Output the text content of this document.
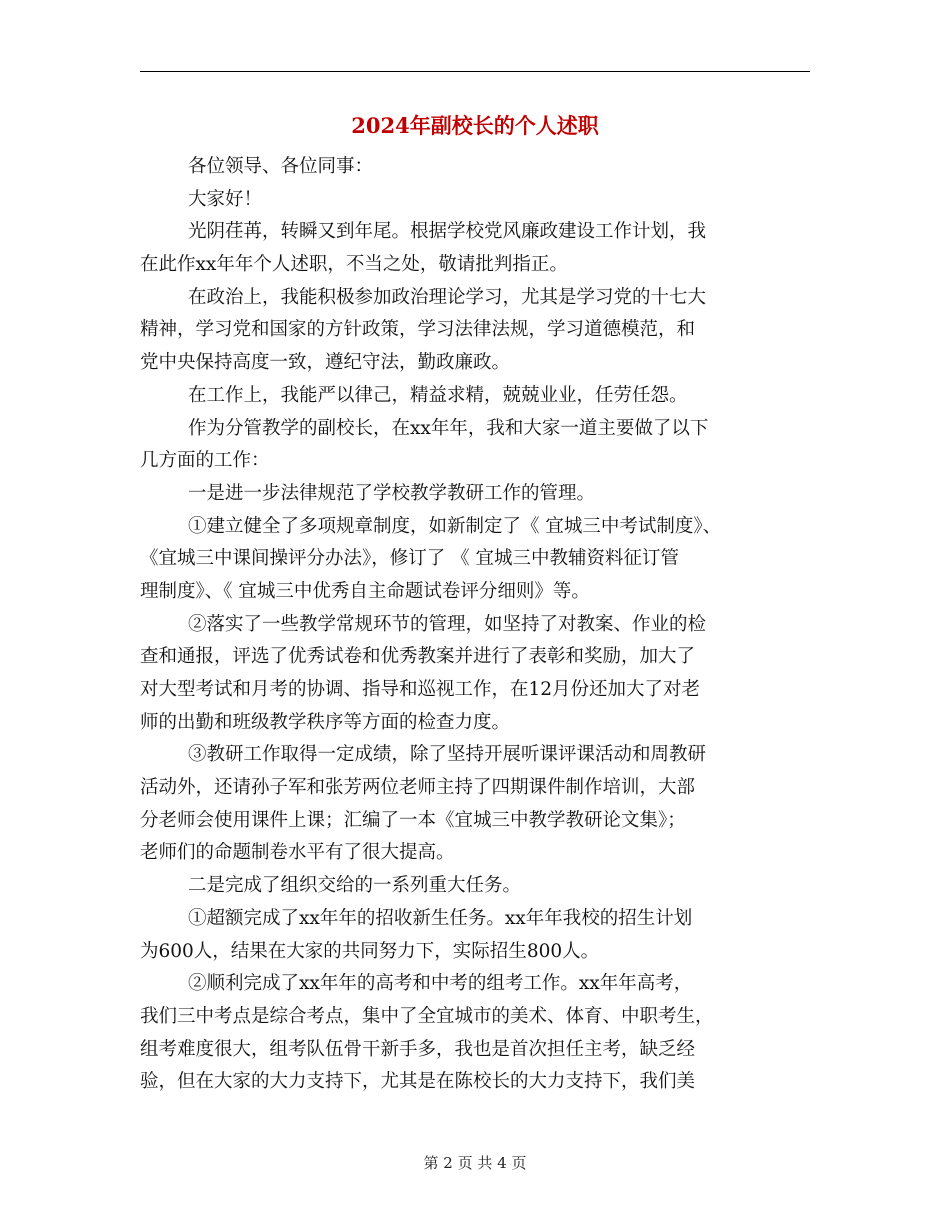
2024年副校长的个人述职
各位领导、各位同事：
大家好！
光阴荏苒，转瞬又到年尾。根据学校党风廉政建设工作计划，我
在此作xx年年个人述职，不当之处，敬请批判指正。
在政治上，我能积极参加政治理论学习，尤其是学习党的十七大
精神，学习党和国家的方针政策，学习法律法规，学习道德模范，和
党中央保持高度一致，遵纪守法，勤政廉政。
在工作上，我能严以律己，精益求精，兢兢业业，任劳任怨。
作为分管教学的副校长，在xx年年，我和大家一道主要做了以下
几方面的工作：
一是进一步法律规范了学校教学教研工作的管理。
①建立健全了多项规章制度，如新制定了《 宜城三中考试制度》、
《宜城三中课间操评分办法》，修订了 《 宜城三中教辅资料征订管
理制度》、《 宜城三中优秀自主命题试卷评分细则》等。
②落实了一些教学常规环节的管理，如坚持了对教案、作业的检
查和通报，评选了优秀试卷和优秀教案并进行了表彰和奖励，加大了
对大型考试和月考的协调、指导和巡视工作，在12月份还加大了对老
师的出勤和班级教学秩序等方面的检查力度。
③教研工作取得一定成绩，除了坚持开展听课评课活动和周教研
活动外，还请孙子军和张芳两位老师主持了四期课件制作培训，大部
分老师会使用课件上课；汇编了一本《宜城三中教学教研论文集》；
老师们的命题制卷水平有了很大提高。
二是完成了组织交给的一系列重大任务。
①超额完成了xx年年的招收新生任务。xx年年我校的招生计划
为600人，结果在大家的共同努力下，实际招生800人。
②顺利完成了xx年年的高考和中考的组考工作。xx年年高考，
我们三中考点是综合考点，集中了全宜城市的美术、体育、中职考生，
组考难度很大，组考队伍骨干新手多，我也是首次担任主考，缺乏经
验，但在大家的大力支持下，尤其是在陈校长的大力支持下，我们美
第 2 页 共 4 页
